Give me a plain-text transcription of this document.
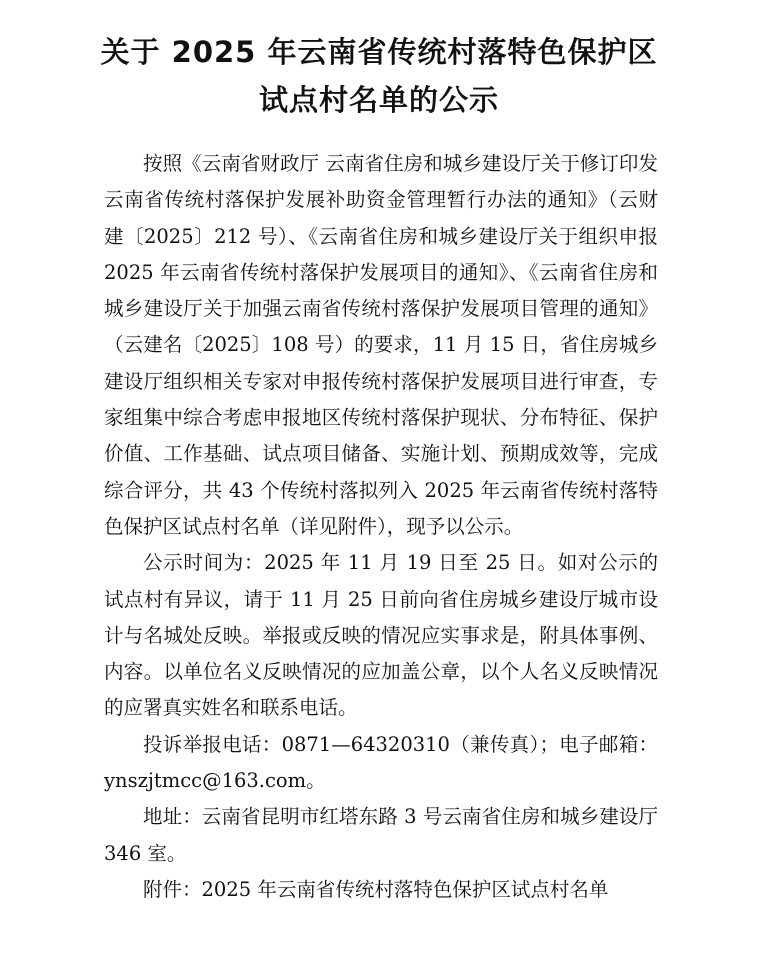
关于 2025 年云南省传统村落特色保护区
试点村名单的公示

按照《云南省财政厅 云南省住房和城乡建设厅关于修订印发云南省传统村落保护发展补助资金管理暂行办法的通知》（云财建〔2025〕212 号）、《云南省住房和城乡建设厅关于组织申报 2025 年云南省传统村落保护发展项目的通知》、《云南省住房和城乡建设厅关于加强云南省传统村落保护发展项目管理的通知》（云建名〔2025〕108 号）的要求，11 月 15 日，省住房城乡建设厅组织相关专家对申报传统村落保护发展项目进行审查，专家组集中综合考虑申报地区传统村落保护现状、分布特征、保护价值、工作基础、试点项目储备、实施计划、预期成效等，完成综合评分，共 43 个传统村落拟列入 2025 年云南省传统村落特色保护区试点村名单（详见附件），现予以公示。

公示时间为：2025 年 11 月 19 日至 25 日。如对公示的试点村有异议，请于 11 月 25 日前向省住房城乡建设厅城市设计与名城处反映。举报或反映的情况应实事求是，附具体事例、内容。以单位名义反映情况的应加盖公章，以个人名义反映情况的应署真实姓名和联系电话。

投诉举报电话：0871—64320310（兼传真）；电子邮箱：ynszjtmcc@163.com。

地址：云南省昆明市红塔东路 3 号云南省住房和城乡建设厅 346 室。

附件：2025 年云南省传统村落特色保护区试点村名单
